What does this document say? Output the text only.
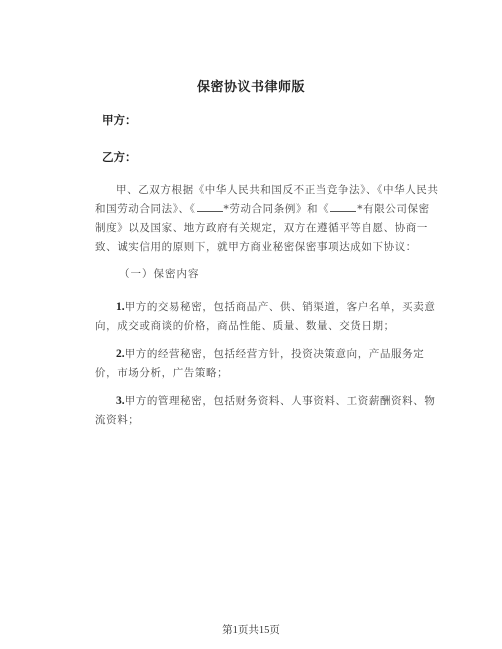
保密协议书律师版
甲方：
乙方：

甲、乙双方根据《中华人民共和国反不正当竞争法》、《中华人民共和国劳动合同法》、《	*劳动合同条例》和《	*有限公司保密制度》以及国家、地方政府有关规定，双方在遵循平等自愿、协商一致、诚实信用的原则下，就甲方商业秘密保密事项达成如下协议：

（一）保密内容

1.甲方的交易秘密，包括商品产、供、销渠道，客户名单，买卖意向，成交或商谈的价格，商品性能、质量、数量、交货日期；

2.甲方的经营秘密，包括经营方针，投资决策意向，产品服务定价，市场分析，广告策略；

3.甲方的管理秘密，包括财务资料、人事资料、工资薪酬资料、物流资料；

第1页共15页
